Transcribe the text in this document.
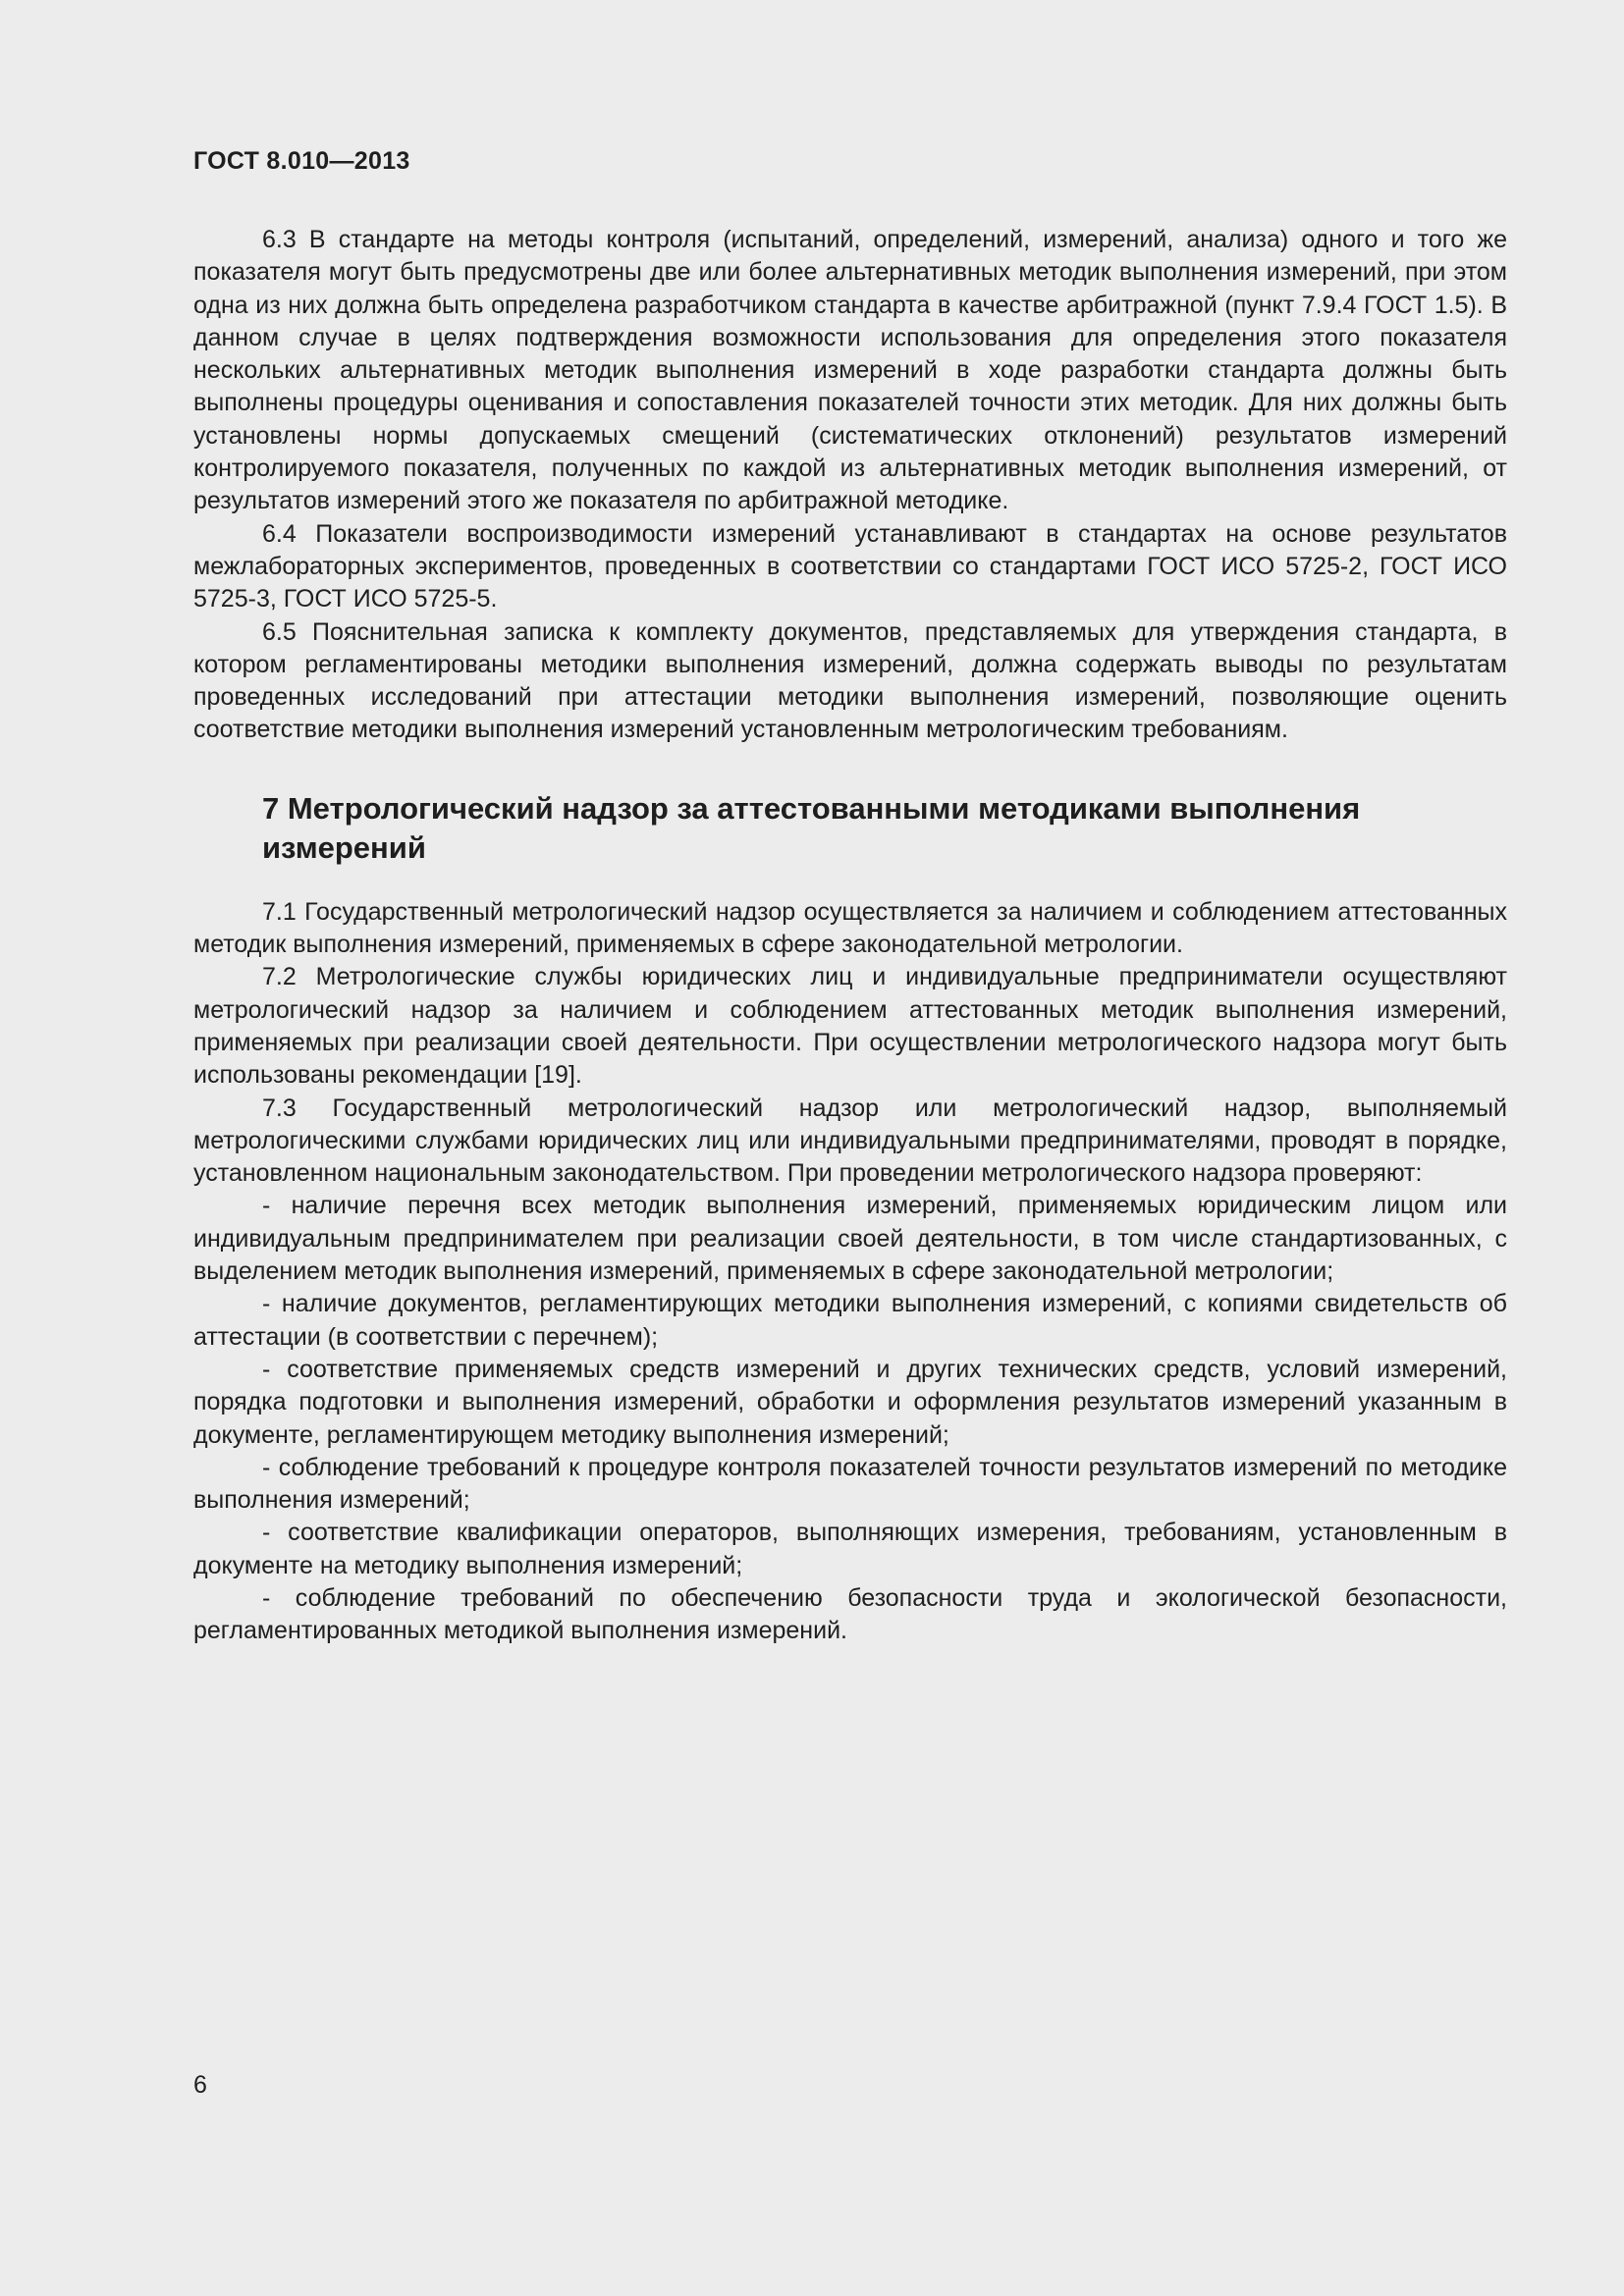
ГОСТ 8.010—2013

6.3 В стандарте на методы контроля (испытаний, определений, измерений, анализа) одного и того же показателя могут быть предусмотрены две или более альтернативных методик выполнения измерений, при этом одна из них должна быть определена разработчиком стандарта в качестве арбитражной (пункт 7.9.4 ГОСТ 1.5). В данном случае в целях подтверждения возможности использования для определения этого показателя нескольких альтернативных методик выполнения измерений в ходе разработки стандарта должны быть выполнены процедуры оценивания и сопоставления показателей точности этих методик. Для них должны быть установлены нормы допускаемых смещений (систематических отклонений) результатов измерений контролируемого показателя, полученных по каждой из альтернативных методик выполнения измерений, от результатов измерений этого же показателя по арбитражной методике.

6.4 Показатели воспроизводимости измерений устанавливают в стандартах на основе результатов межлабораторных экспериментов, проведенных в соответствии со стандартами ГОСТ ИСО 5725-2, ГОСТ ИСО 5725-3, ГОСТ ИСО 5725-5.

6.5 Пояснительная записка к комплекту документов, представляемых для утверждения стандарта, в котором регламентированы методики выполнения измерений, должна содержать выводы по результатам проведенных исследований при аттестации методики выполнения измерений, позволяющие оценить соответствие методики выполнения измерений установленным метрологическим требованиям.

7 Метрологический надзор за аттестованными методиками выполнения измерений

7.1 Государственный метрологический надзор осуществляется за наличием и соблюдением аттестованных методик выполнения измерений, применяемых в сфере законодательной метрологии.

7.2 Метрологические службы юридических лиц и индивидуальные предприниматели осуществляют метрологический надзор за наличием и соблюдением аттестованных методик выполнения измерений, применяемых при реализации своей деятельности. При осуществлении метрологического надзора могут быть использованы рекомендации [19].

7.3 Государственный метрологический надзор или метрологический надзор, выполняемый метрологическими службами юридических лиц или индивидуальными предпринимателями, проводят в порядке, установленном национальным законодательством. При проведении метрологического надзора проверяют:

- наличие перечня всех методик выполнения измерений, применяемых юридическим лицом или индивидуальным предпринимателем при реализации своей деятельности, в том числе стандартизованных, с выделением методик выполнения измерений, применяемых в сфере законодательной метрологии;

- наличие документов, регламентирующих методики выполнения измерений, с копиями свидетельств об аттестации (в соответствии с перечнем);

- соответствие применяемых средств измерений и других технических средств, условий измерений, порядка подготовки и выполнения измерений, обработки и оформления результатов измерений указанным в документе, регламентирующем методику выполнения измерений;

- соблюдение требований к процедуре контроля показателей точности результатов измерений по методике выполнения измерений;

- соответствие квалификации операторов, выполняющих измерения, требованиям, установленным в документе на методику выполнения измерений;

- соблюдение требований по обеспечению безопасности труда и экологической безопасности, регламентированных методикой выполнения измерений.

6
